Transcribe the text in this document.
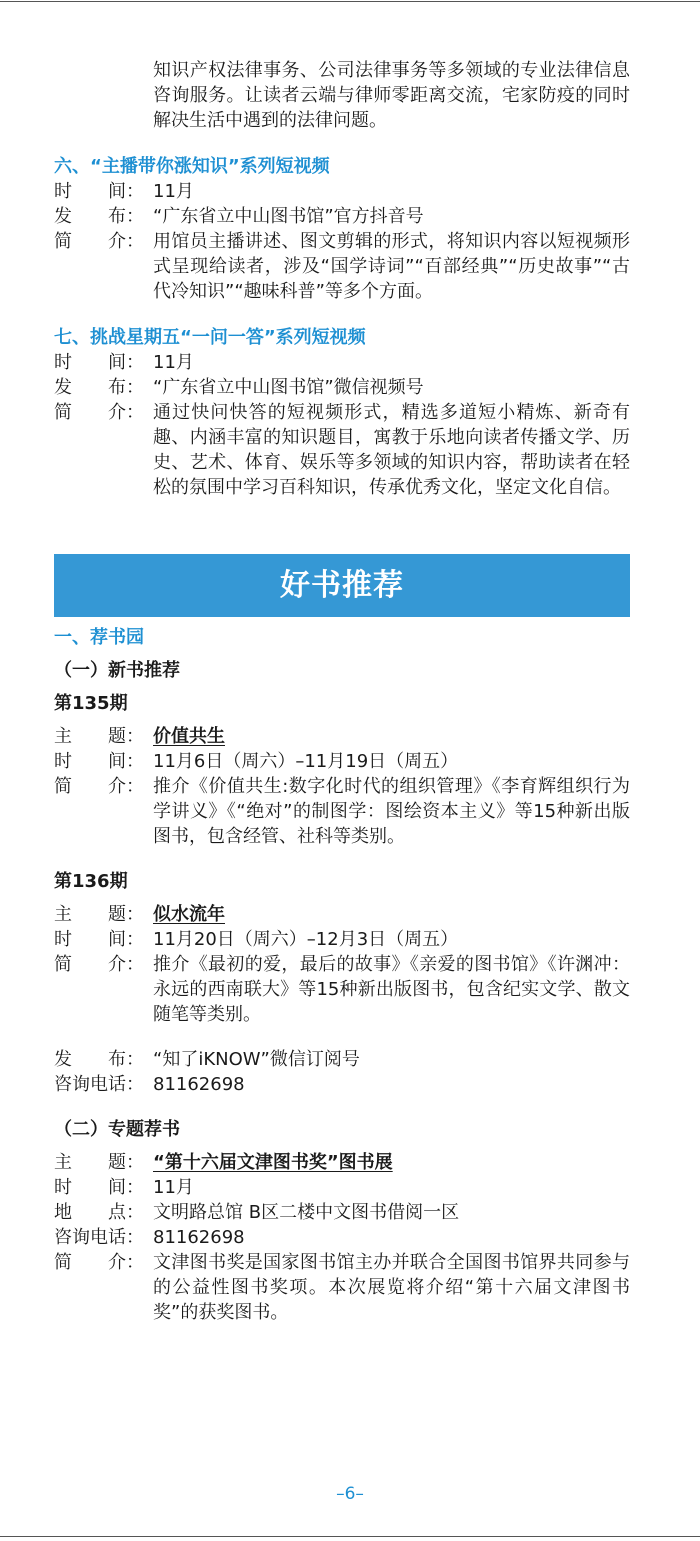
知识产权法律事务、公司法律事务等多领域的专业法律信息咨询服务。让读者云端与律师零距离交流，宅家防疫的同时解决生活中遇到的法律问题。
六、“主播带你涨知识”系列短视频
时　　间： 11月
发　　布： “广东省立中山图书馆”官方抖音号
简　　介： 用馆员主播讲述、图文剪辑的形式，将知识内容以短视频形式呈现给读者，涉及“国学诗词”“百部经典”“历史故事”“古代冷知识”“趣味科普”等多个方面。
七、挑战星期五“一问一答”系列短视频
时　　间： 11月
发　　布： “广东省立中山图书馆”微信视频号
简　　介： 通过快问快答的短视频形式，精选多道短小精炼、新奇有趣、内涵丰富的知识题目，寓教于乐地向读者传播文学、历史、艺术、体育、娱乐等多领域的知识内容，帮助读者在轻松的氛围中学习百科知识，传承优秀文化，坚定文化自信。
好书推荐
一、荐书园
（一）新书推荐
第135期
主　　题： 价值共生
时　　间： 11月6日（周六）–11月19日（周五）
简　　介： 推介《价值共生:数字化时代的组织管理》《李育辉组织行为学讲义》《“绝对”的制图学：图绘资本主义》等15种新出版图书，包含经管、社科等类别。
第136期
主　　题： 似水流年
时　　间： 11月20日（周六）–12月3日（周五）
简　　介： 推介《最初的爱，最后的故事》《亲爱的图书馆》《许渊冲：永远的西南联大》等15种新出版图书，包含纪实文学、散文随笔等类别。
发　　布： “知了iKNOW”微信订阅号
咨询电话： 81162698
（二）专题荐书
主　　题： “第十六届文津图书奖”图书展
时　　间： 11月
地　　点： 文明路总馆 B区二楼中文图书借阅一区
咨询电话： 81162698
简　　介： 文津图书奖是国家图书馆主办并联合全国图书馆界共同参与的公益性图书奖项。本次展览将介绍“第十六届文津图书奖”的获奖图书。
–6–
